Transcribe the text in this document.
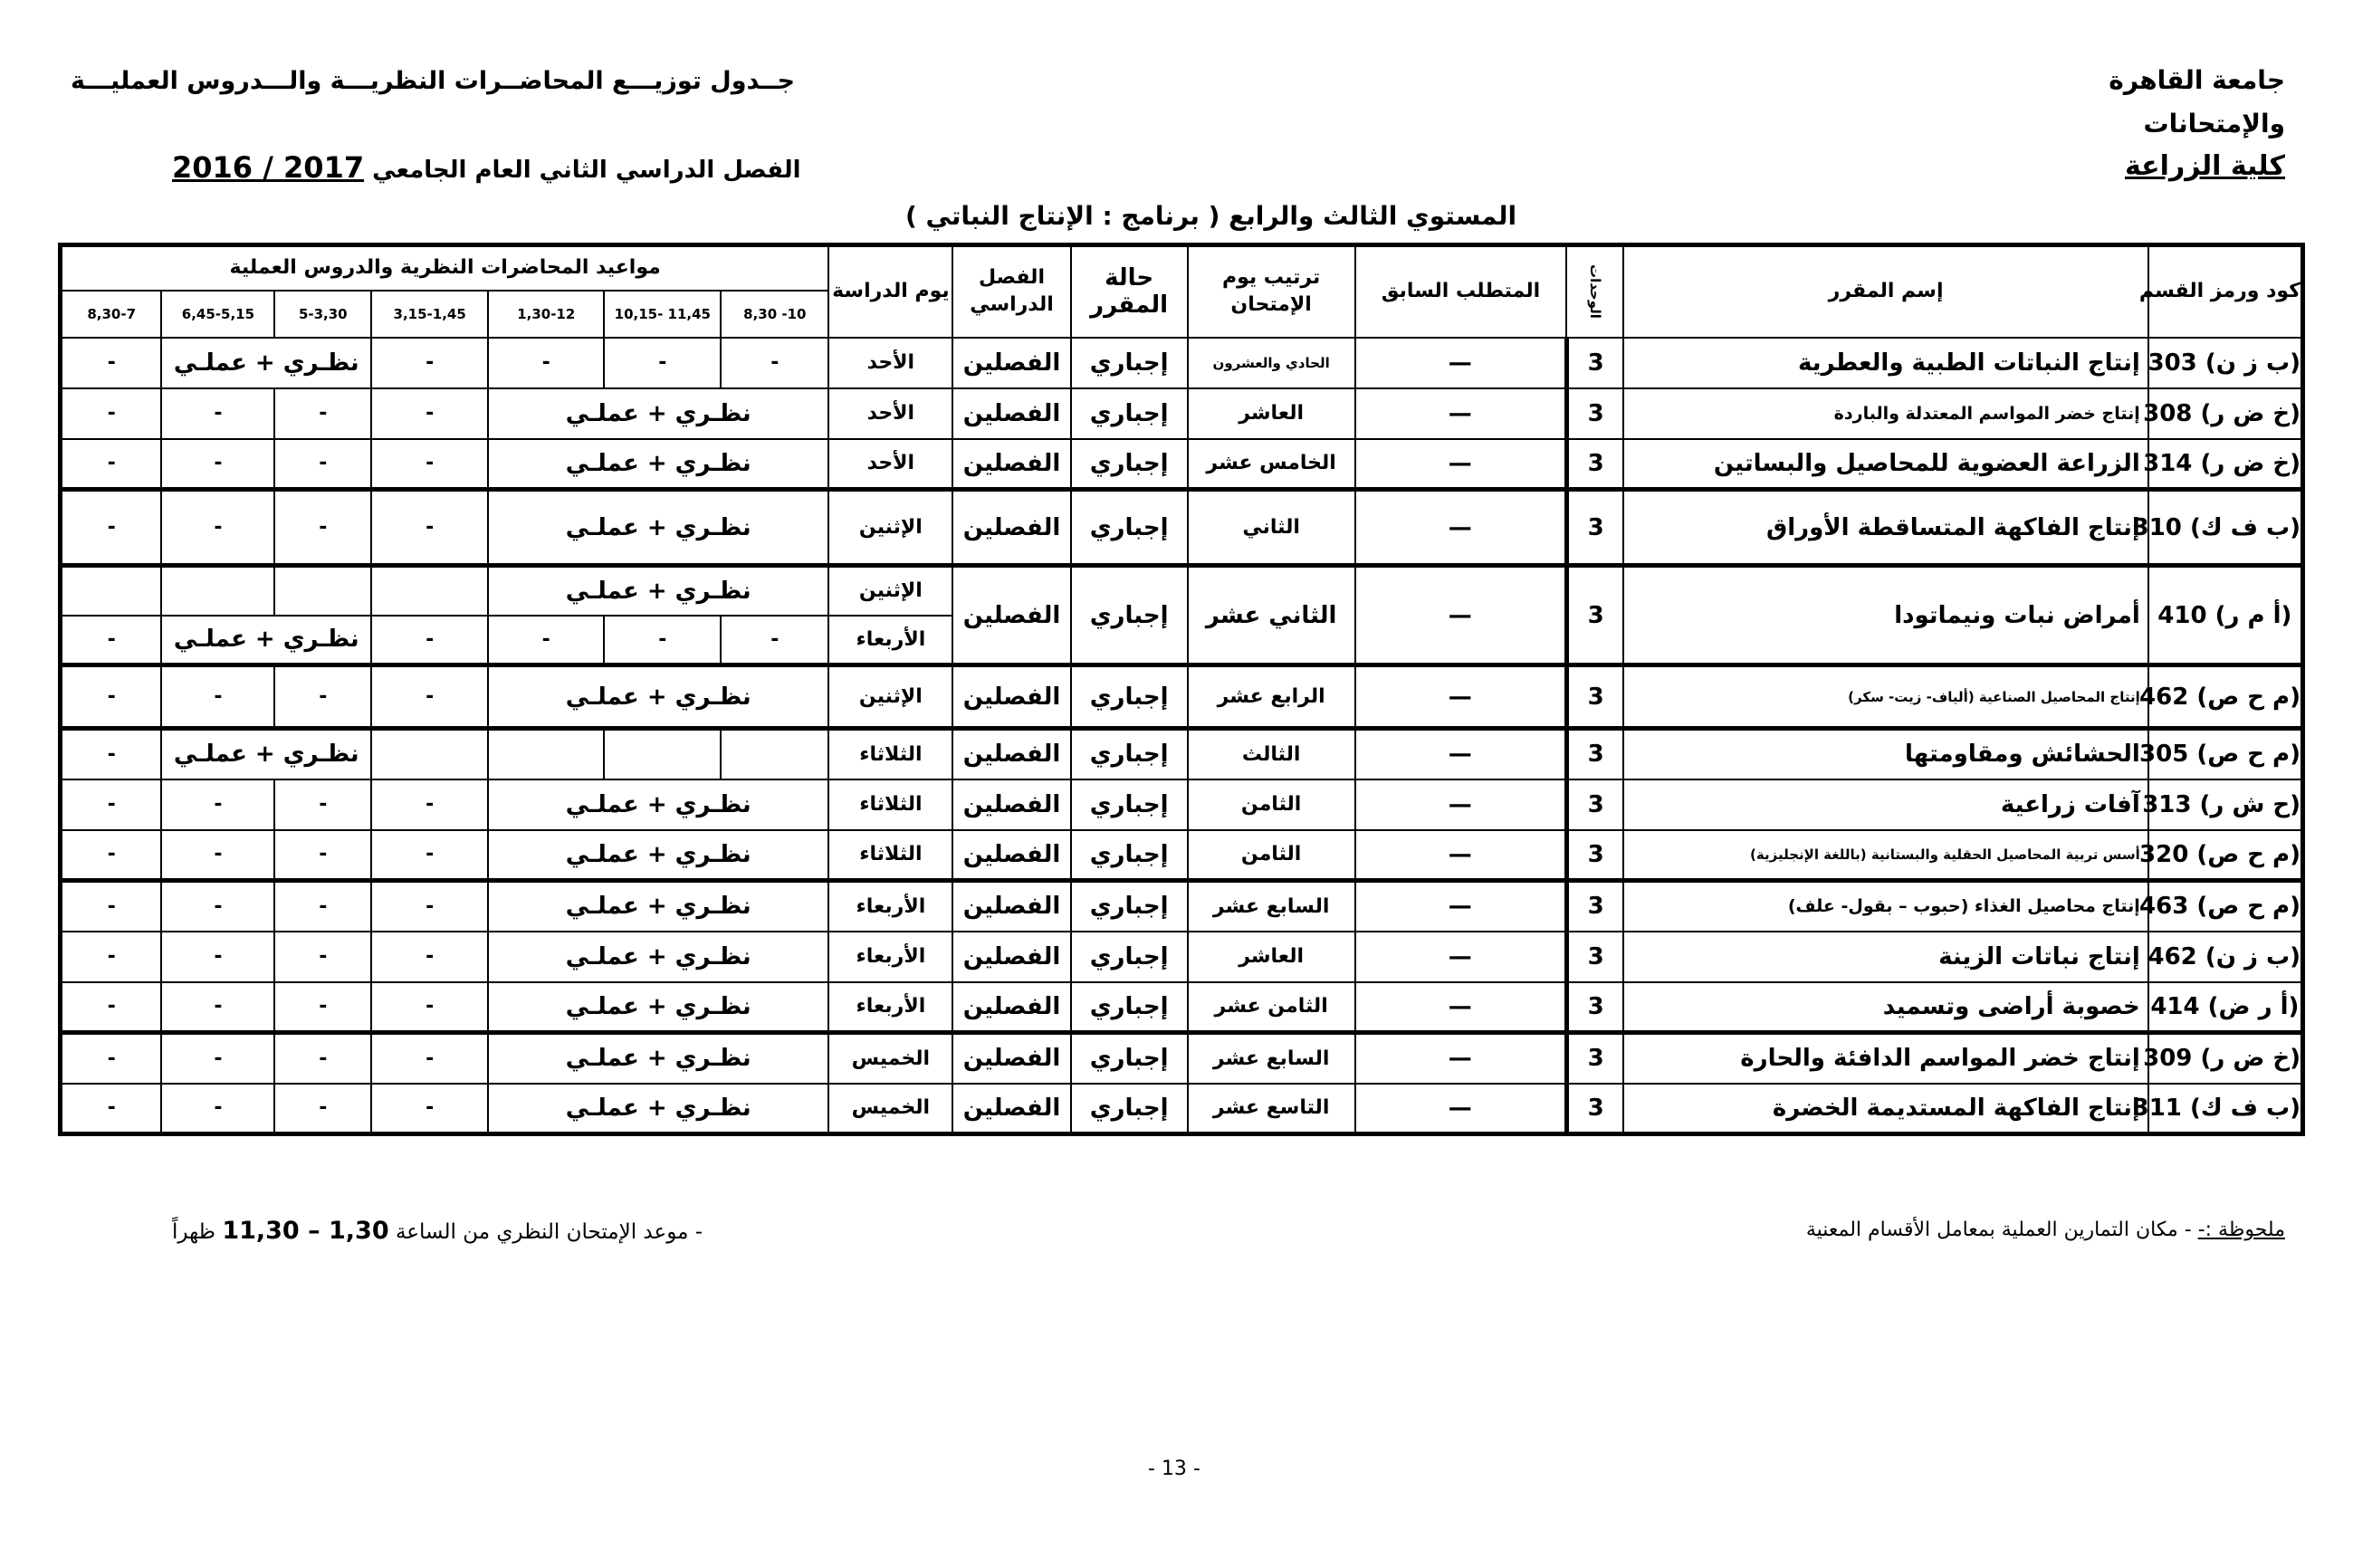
جامعة القاهرة
والإمتحانات
كلية الزراعة
جــدول توزيـــع المحاضــرات النظريـــة والـــدروس العمليـــة
الفصل الدراسي الثاني العام الجامعي 2016 / 2017
المستوي الثالث والرابع ( برنامج : الإنتاج النباتي )
كود ورمز القسم	إسم المقرر	الوحدات	المتطلب السابق	ترتيب يوم الإمتحان	حالة المقرر	الفصل الدراسي	يوم الدراسة	مواعيد المحاضرات النظرية والدروس العملية						
								10- 8,30	11,45 -10,15	1,30-12	3,15-1,45	5-3,30	6,45-5,15	8,30-7
(ب ز ن) 303	إنتاج النباتات الطبية والعطرية	3	—	الحادي والعشرون	إجباري	الفصلين	الأحد	-	-	-	-	نظـري + عملـي		-
(خ ض ر) 308	إنتاج خضر المواسم المعتدلة والباردة	3	—	العاشر	إجباري	الفصلين	الأحد	نظـري + عملـي			-	-	-	-
(خ ض ر) 314	الزراعة العضوية للمحاصيل والبساتين	3	—	الخامس عشر	إجباري	الفصلين	الأحد	نظـري + عملـي			-	-	-	-
(ب ف ك) 310	إنتاج الفاكهة المتساقطة الأوراق	3	—	الثاني	إجباري	الفصلين	الإثنين	نظـري + عملـي			-	-	-	-
(أ م ر) 410	أمراض نبات ونيماتودا	3	—	الثاني عشر	إجباري	الفصلين	الإثنين	نظـري + عملـي						
							الأربعاء	-	-	-	-	نظـري + عملـي		-
(م ح ص) 462	إنتاج المحاصيل الصناعية (ألياف- زيت- سكر)	3	—	الرابع عشر	إجباري	الفصلين	الإثنين	نظـري + عملـي			-	-	-	-
(م ح ص) 305	الحشائش ومقاومتها	3	—	الثالث	إجباري	الفصلين	الثلاثاء					نظـري + عملـي		-
(ح ش ر) 313	آفات زراعية	3	—	الثامن	إجباري	الفصلين	الثلاثاء	نظـري + عملـي			-	-	-	-
(م ح ص) 320	أسس تربية المحاصيل الحقلية والبستانية (باللغة الإنجليزية)	3	—	الثامن	إجباري	الفصلين	الثلاثاء	نظـري + عملـي			-	-	-	-
(م ح ص) 463	إنتاج محاصيل الغذاء (حبوب – بقول- علف)	3	—	السابع عشر	إجباري	الفصلين	الأربعاء	نظـري + عملـي			-	-	-	-
(ب ز ن) 462	إنتاج نباتات الزينة	3	—	العاشر	إجباري	الفصلين	الأربعاء	نظـري + عملـي			-	-	-	-
(أ ر ض) 414	خصوبة أراضى وتسميد	3	—	الثامن عشر	إجباري	الفصلين	الأربعاء	نظـري + عملـي			-	-	-	-
(خ ض ر) 309	إنتاج خضر المواسم الدافئة والحارة	3	—	السابع عشر	إجباري	الفصلين	الخميس	نظـري + عملـي			-	-	-	-
(ب ف ك) 311	إنتاج الفاكهة المستديمة الخضرة	3	—	التاسع عشر	إجباري	الفصلين	الخميس	نظـري + عملـي			-	-	-	-
ملحوظة :- - مكان التمارين العملية بمعامل الأقسام المعنية
- موعد الإمتحان النظري من الساعة 11,30 – 1,30 ظهراً
- 13 -
